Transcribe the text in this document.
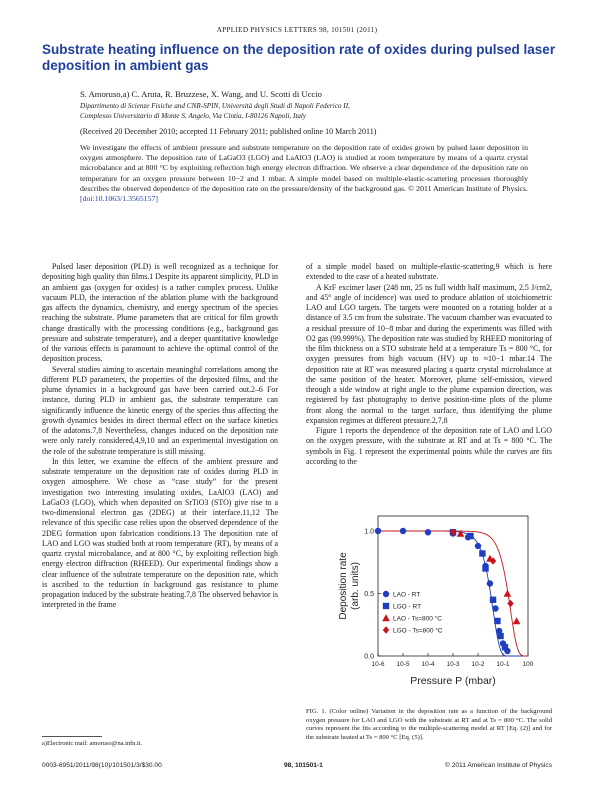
APPLIED PHYSICS LETTERS 98, 101501 (2011)
Substrate heating influence on the deposition rate of oxides during pulsed laser deposition in ambient gas
S. Amoruso,a) C. Aruta, R. Bruzzese, X. Wang, and U. Scotti di Uccio
Dipartimento di Scienze Fisiche and CNR-SPIN, Università degli Studi di Napoli Federico II,
Complesso Universitario di Monte S. Angelo, Via Cintia, I-80126 Napoli, Italy
(Received 20 December 2010; accepted 11 February 2011; published online 10 March 2011)
We investigate the effects of ambient pressure and substrate temperature on the deposition rate of oxides grown by pulsed laser deposition in oxygen atmosphere. The deposition rate of LaGaO3 (LGO) and LaAlO3 (LAO) is studied at room temperature by means of a quartz crystal microbalance and at 800 °C by exploiting reflection high energy electron diffraction. We observe a clear dependence of the deposition rate on temperature for an oxygen pressure between 10−2 and 1 mbar. A simple model based on multiple-elastic-scattering processes thoroughly describes the observed dependence of the deposition rate on the pressure/density of the background gas. © 2011 American Institute of Physics. [doi:10.1063/1.3565157]

Pulsed laser deposition (PLD) is well recognized as a technique for depositing high quality thin films.1 Despite its apparent simplicity, PLD in an ambient gas (oxygen for oxides) is a rather complex process. Unlike vacuum PLD, the interaction of the ablation plume with the background gas affects the dynamics, chemistry, and energy spectrum of the species reaching the substrate. Plume parameters that are critical for film growth change drastically with the processing conditions (e.g., background gas pressure and substrate temperature), and a deeper quantitative knowledge of the various effects is paramount to achieve the optimal control of the deposition process.

Several studies aiming to ascertain meaningful correlations among the different PLD parameters, the properties of the deposited films, and the plume dynamics in a background gas have been carried out.2–6 For instance, during PLD in ambient gas, the substrate temperature can significantly influence the kinetic energy of the species thus affecting the growth dynamics besides its direct thermal effect on the surface kinetics of the adatoms.7,8 Nevertheless, changes induced on the deposition rate were only rarely considered,4,9,10 and an experimental investigation on the role of the substrate temperature is still missing.

In this letter, we examine the effects of the ambient pressure and substrate temperature on the deposition rate of oxides during PLD in oxygen atmosphere. We chose as “case study” for the present investigation two interesting insulating oxides, LaAlO3 (LAO) and LaGaO3 (LGO), which when deposited on SrTiO3 (STO) give rise to a two-dimensional electron gas (2DEG) at their interface.11,12 The relevance of this specific case relies upon the observed dependence of the 2DEG formation upon fabrication conditions.13 The deposition rate of LAO and LGO was studied both at room temperature (RT), by means of a quartz crystal microbalance, and at 800 °C, by exploiting reflection high energy electron diffraction (RHEED). Our experimental findings show a clear influence of the substrate temperature on the deposition rate, which is ascribed to the reduction in background gas resistance to plume propagation induced by the substrate heating.7,8 The observed behavior is interpreted in the frame

of a simple model based on multiple-elastic-scattering,9 which is here extended to the case of a heated substrate.

A KrF excimer laser (248 nm, 25 ns full width half maximum, 2.5 J/cm2, and 45° angle of incidence) was used to produce ablation of stoichiometric LAO and LGO targets. The targets were mounted on a rotating holder at a distance of 3.5 cm from the substrate. The vacuum chamber was evacuated to a residual pressure of 10−8 mbar and during the experiments was filled with O2 gas (99.999%). The deposition rate was studied by RHEED monitoring of the film thickness on a STO substrate held at a temperature Ts = 800 °C, for oxygen pressures from high vacuum (HV) up to ≈10−1 mbar.14 The deposition rate at RT was measured placing a quartz crystal microbalance at the same position of the heater. Moreover, plume self-emission, viewed through a side window at right angle to the plume expansion direction, was registered by fast photography to derive position-time plots of the plume front along the normal to the target surface, thus identifying the plume expansion regimes at different pressure.2,7,8

Figure 1 reports the dependence of the deposition rate of LAO and LGO on the oxygen pressure, with the substrate at RT and at Ts = 800 °C. The symbols in Fig. 1 represent the experimental points while the curves are fits according to the

10-6 10-5 10-4 10-3 10-2 10-1 100
0.0
0.5
1.0
Pressure P (mbar)
Deposition rate (arb. units)	LAO - RT
LGO - RT
LAO - Ts=800 °C
LGO - Ts=800 °C
FIG. 1. (Color online) Variation in the deposition rate as a function of the background oxygen pressure for LAO and LGO with the substrate at RT and at Ts = 800 °C. The solid curves represent the fits according to the multiple-scattering model at RT [Eq. (2)] and for the substrate heated at Ts = 800 °C [Eq. (5)].
a)Electronic mail: amoruso@na.infn.it.
0003-6951/2011/98(10)/101501/3/$30.00	98, 101501-1	© 2011 American Institute of Physics
